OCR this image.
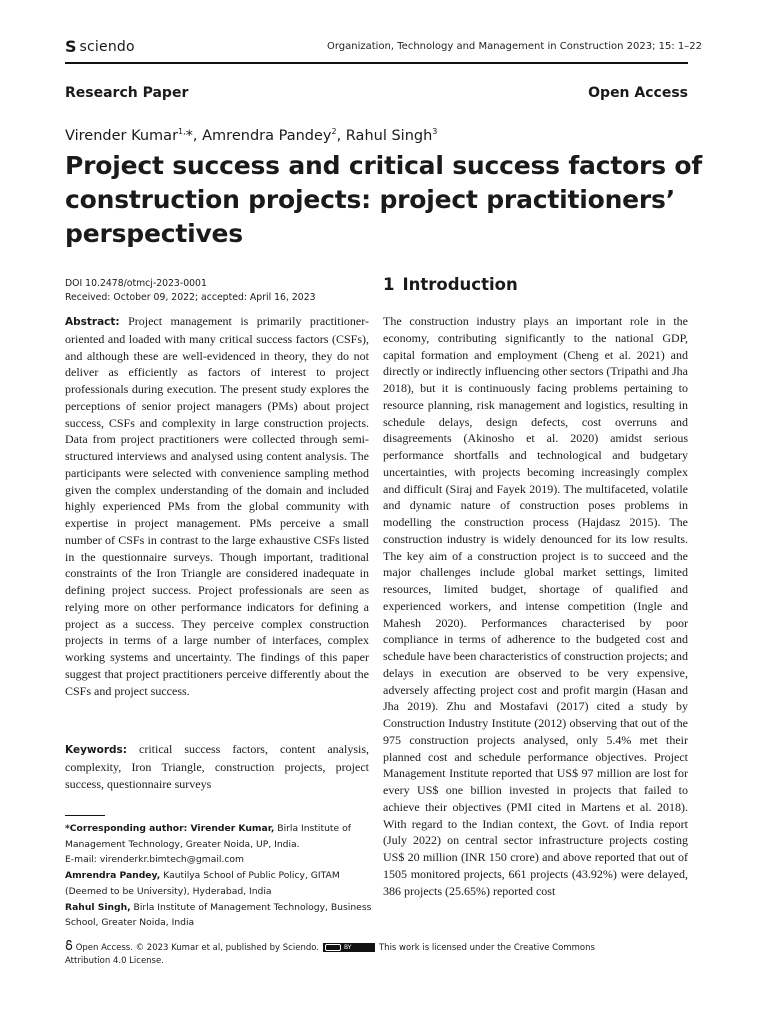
S sciendo	Organization, Technology and Management in Construction 2023; 15: 1–22
Research Paper	Open Access
Virender Kumar$^{1,}$*, Amrendra Pandey$^2$, Rahul Singh$^3$
Project success and critical success factors of construction projects: project practitioners’ perspectives
DOI 10.2478/otmcj-2023-0001
Received: October 09, 2022; accepted: April 16, 2023
Abstract: Project management is primarily practitioner-oriented and loaded with many critical success factors (CSFs), and although these are well-evidenced in theory, they do not deliver as efficiently as factors of interest to project professionals during execution. The present study explores the perceptions of senior project managers (PMs) about project success, CSFs and complexity in large construction projects. Data from project practitioners were collected through semi-structured interviews and analysed using content analysis. The participants were selected with convenience sampling method given the complex understanding of the domain and included highly experienced PMs from the global community with expertise in project management. PMs perceive a small number of CSFs in contrast to the large exhaustive CSFs listed in the questionnaire surveys. Though important, traditional constraints of the Iron Triangle are considered inadequate in defining project success. Project professionals are seen as relying more on other performance indicators for defining a project as a success. They perceive complex construction projects in terms of a large number of interfaces, complex working systems and uncertainty. The findings of this paper suggest that project practitioners perceive differently about the CSFs and project success.
Keywords: critical success factors, content analysis, complexity, Iron Triangle, construction projects, project success, questionnaire surveys
*Corresponding author: Virender Kumar, Birla Institute of Management Technology, Greater Noida, UP, India.
E-mail: virenderkr.bimtech@gmail.com
Amrendra Pandey, Kautilya School of Public Policy, GITAM (Deemed to be University), Hyderabad, India
Rahul Singh, Birla Institute of Management Technology, Business School, Greater Noida, India
1 Introduction
The construction industry plays an important role in the economy, contributing significantly to the national GDP, capital formation and employment (Cheng et al. 2021) and directly or indirectly influencing other sectors (Tripathi and Jha 2018), but it is continuously facing problems pertaining to resource planning, risk management and logistics, resulting in schedule delays, design defects, cost overruns and disagreements (Akinosho et al. 2020) amidst serious performance shortfalls and technological and budgetary uncertainties, with projects becoming increasingly complex and difficult (Siraj and Fayek 2019). The multifaceted, volatile and dynamic nature of construction poses problems in modelling the construction process (Hajdasz 2015). The construction industry is widely denounced for its low results. The key aim of a construction project is to succeed and the major challenges include global market settings, limited resources, limited budget, shortage of qualified and experienced workers, and intense competition (Ingle and Mahesh 2020). Performances characterised by poor compliance in terms of adherence to the budgeted cost and schedule have been characteristics of construction projects; and delays in execution are observed to be very expensive, adversely affecting project cost and profit margin (Hasan and Jha 2019). Zhu and Mostafavi (2017) cited a study by Construction Industry Institute (2012) observing that out of the 975 construction projects analysed, only 5.4% met their planned cost and schedule performance objectives. Project Management Institute reported that US$ 97 million are lost for every US$ one billion invested in projects that failed to achieve their objectives (PMI cited in Martens et al. 2018). With regard to the Indian context, the Govt. of India report (July 2022) on central sector infrastructure projects costing US$ 20 million (INR 150 crore) and above reported that out of 1505 monitored projects, 661 projects (43.92%) were delayed, 386 projects (25.65%) reported cost
Open Access. © 2023 Kumar et al, published by Sciendo.BY	This work is licensed under the Creative Commons Attribution 4.0 License.
